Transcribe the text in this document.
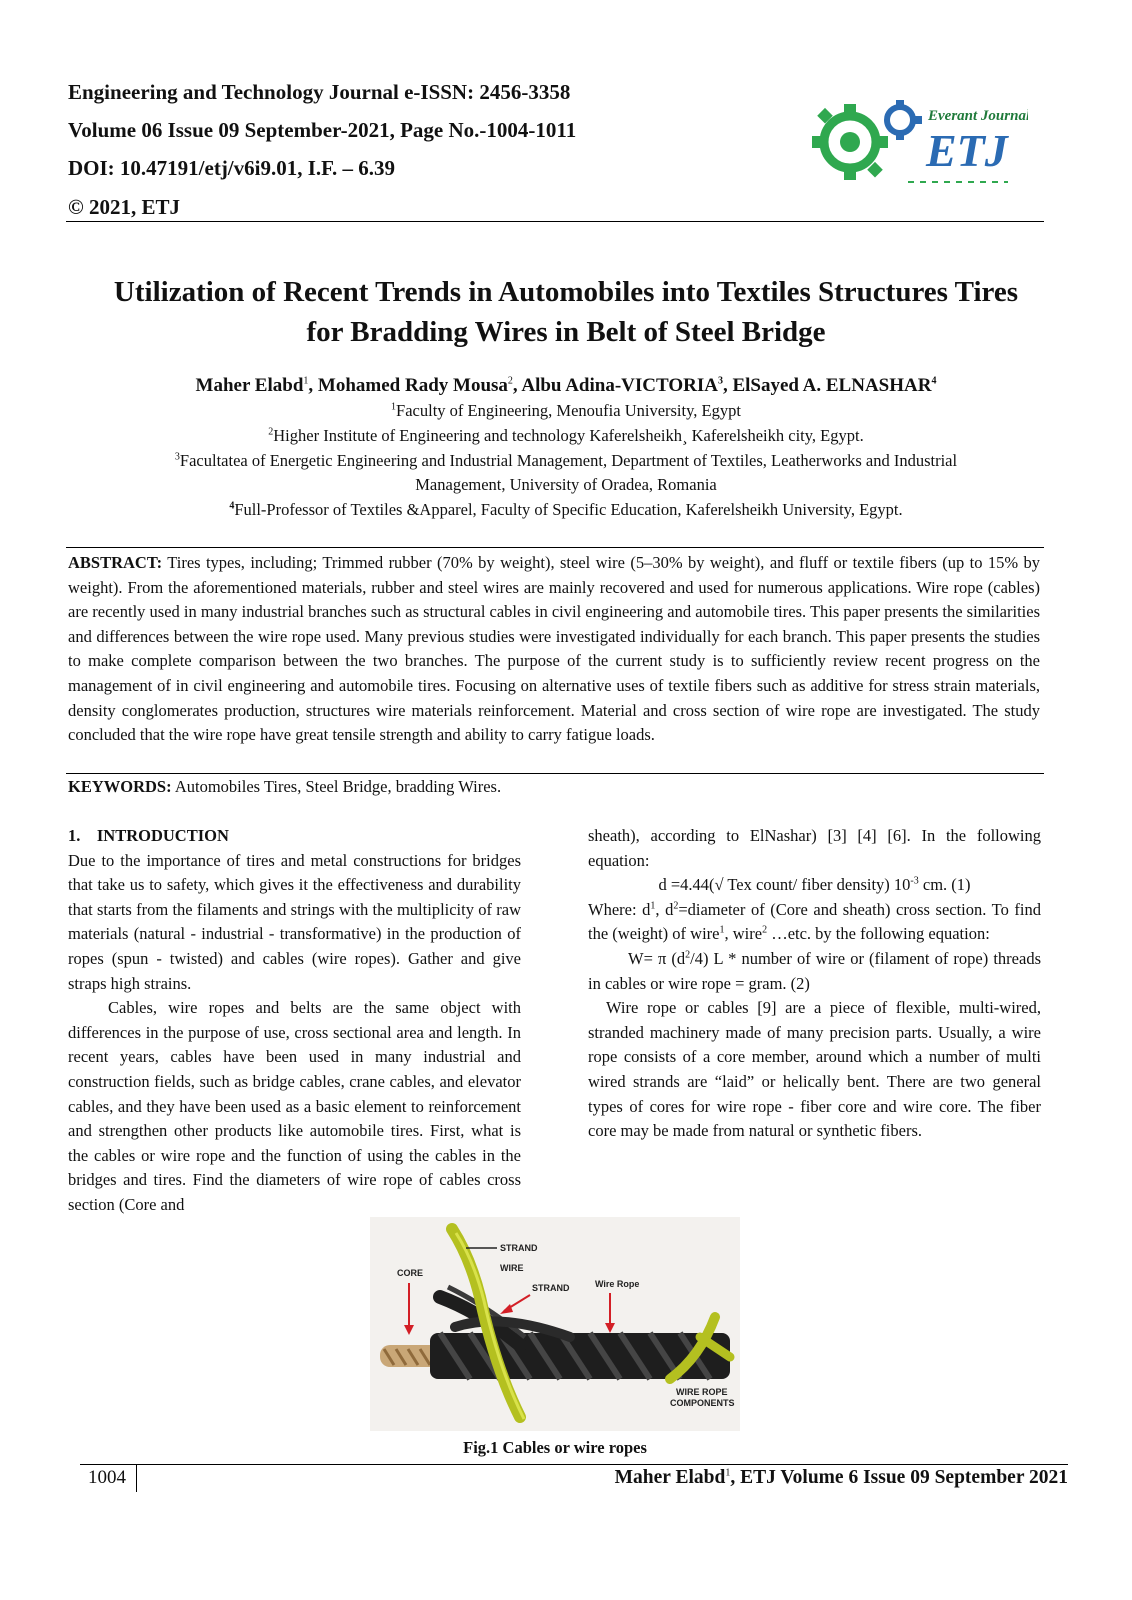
Engineering and Technology Journal e-ISSN: 2456-3358
Volume 06 Issue 09 September-2021, Page No.-1004-1011
DOI: 10.47191/etj/v6i9.01, I.F. – 6.39
© 2021, ETJ
Everant Journal
ETJ
Utilization of Recent Trends in Automobiles into Textiles Structures Tires
for Bradding Wires in Belt of Steel Bridge
Maher Elabd$^1$, Mohamed Rady Mousa$^2$, Albu Adina-VICTORIA$^3$, ElSayed A. ELNASHAR$^4$
$^1$Faculty of Engineering, Menoufia University, Egypt
$^2$Higher Institute of Engineering and technology Kaferelsheikh¸ Kaferelsheikh city, Egypt.
$^3$Facultatea of Energetic Engineering and Industrial Management, Department of Textiles, Leatherworks and Industrial
Management, University of Oradea, Romania
$^4$Full-Professor of Textiles &Apparel, Faculty of Specific Education, Kaferelsheikh University, Egypt.
ABSTRACT: Tires types, including; Trimmed rubber (70% by weight), steel wire (5–30% by weight), and fluff or textile fibers (up to 15% by weight). From the aforementioned materials, rubber and steel wires are mainly recovered and used for numerous applications. Wire rope (cables) are recently used in many industrial branches such as structural cables in civil engineering and automobile tires. This paper presents the similarities and differences between the wire rope used. Many previous studies were investigated individually for each branch. This paper presents the studies to make complete comparison between the two branches. The purpose of the current study is to sufficiently review recent progress on the management of in civil engineering and automobile tires. Focusing on alternative uses of textile fibers such as additive for stress strain materials, density conglomerates production, structures wire materials reinforcement. Material and cross section of wire rope are investigated. The study concluded that the wire rope have great tensile strength and ability to carry fatigue loads.
KEYWORDS: Automobiles Tires, Steel Bridge, bradding Wires.

1. INTRODUCTION

Due to the importance of tires and metal constructions for bridges that take us to safety, which gives it the effectiveness and durability that starts from the filaments and strings with the multiplicity of raw materials (natural - industrial - transformative) in the production of ropes (spun - twisted) and cables (wire ropes). Gather and give straps high strains.

Cables, wire ropes and belts are the same object with differences in the purpose of use, cross sectional area and length. In recent years, cables have been used in many industrial and construction fields, such as bridge cables, crane cables, and elevator cables, and they have been used as a basic element to reinforcement and strengthen other products like automobile tires. First, what is the cables or wire rope and the function of using the cables in the bridges and tires. Find the diameters of wire rope of cables cross section (Core and

sheath), according to ElNashar) [3] [4] [6]. In the following equation:

d =4.44(√ Tex count/ fiber density) $10^{-3}$ cm. (1)

Where: $d^1$, $d^2=diameter$ of (Core and sheath) cross section. To find the (weight) of wire$^1$, wire$^2$ …etc. by the following equation:

W= π $(d^2/4)$ L * number of wire or (filament of rope) threads in cables or wire rope = gram. (2)

Wire rope or cables [9] are a piece of flexible, multi-wired, stranded machinery made of many precision parts. Usually, a wire rope consists of a core member, around which a number of multi wired strands are “laid” or helically bent. There are two general types of cores for wire rope - fiber core and wire core. The fiber core may be made from natural or synthetic fibers.

CORE
STRAND
WIRE
STRAND	Wire Rope
WIRE ROPE
COMPONENTS
Fig.1 Cables or wire ropes
1004	Maher Elabd$^1$, ETJ Volume 6 Issue 09 September 2021
